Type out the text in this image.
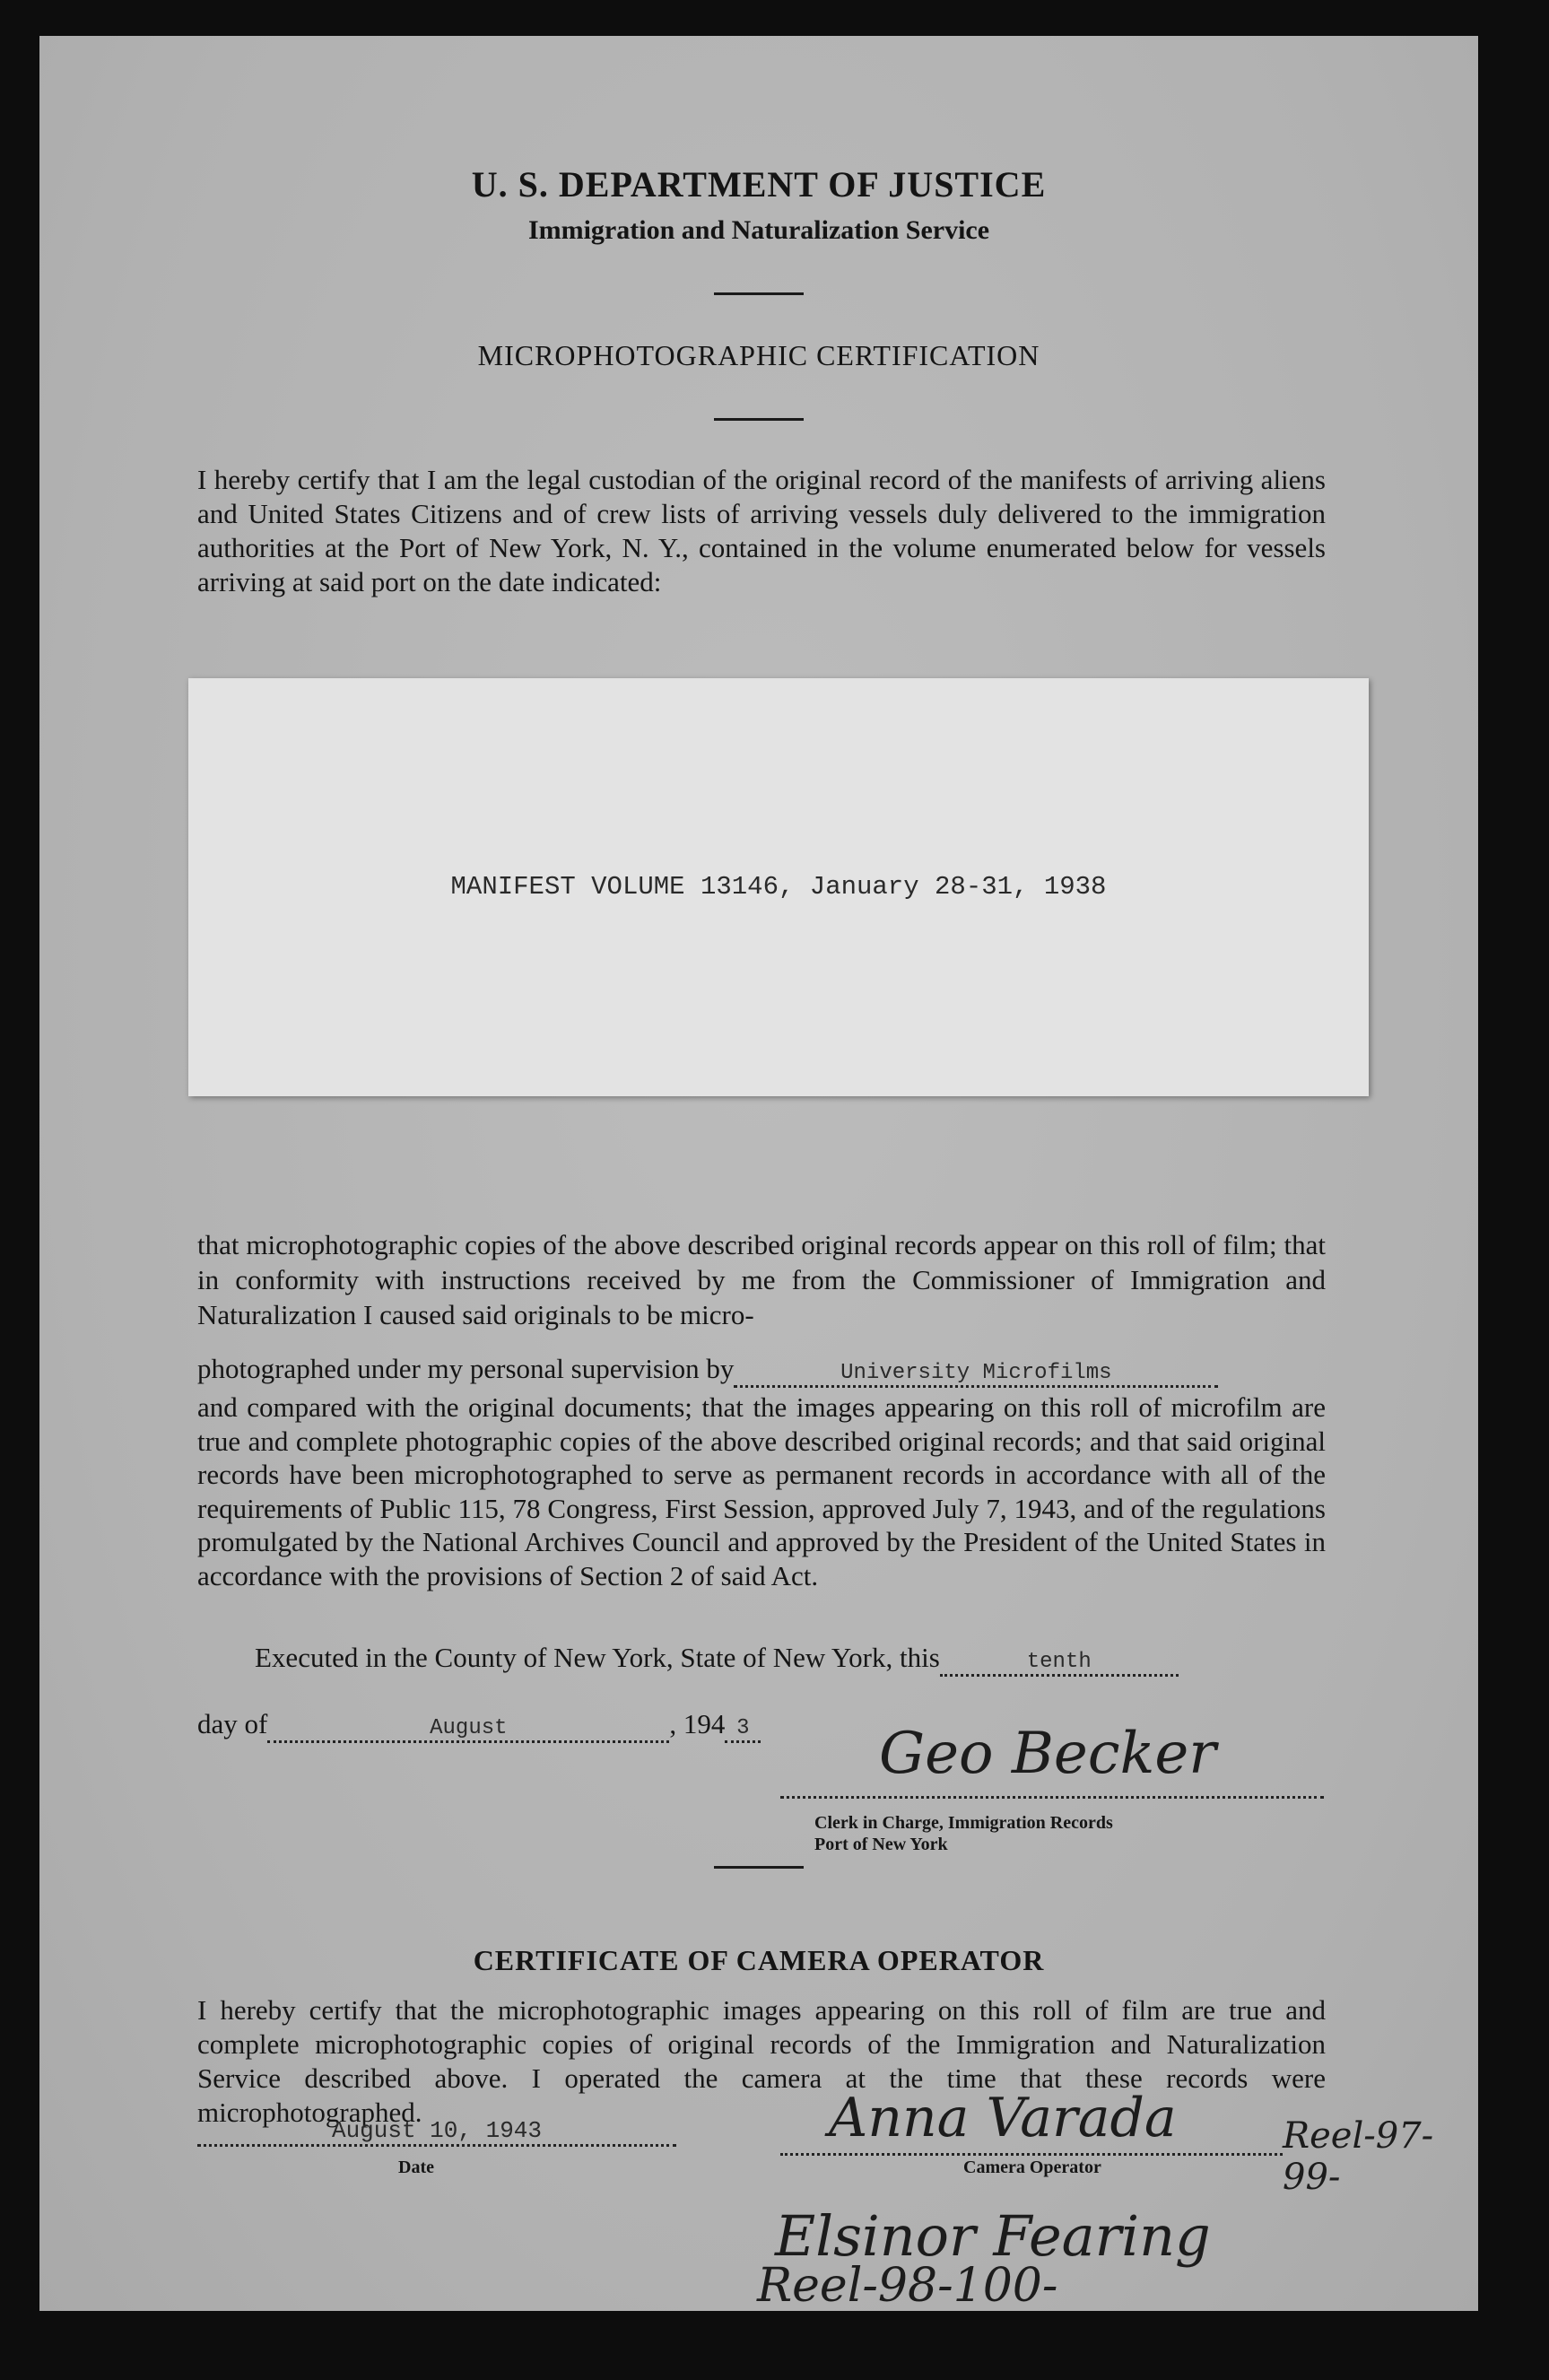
U. S. DEPARTMENT OF JUSTICE
Immigration and Naturalization Service
MICROPHOTOGRAPHIC CERTIFICATION
I hereby certify that I am the legal custodian of the original record of the manifests of arriving aliens and United States Citizens and of crew lists of arriving vessels duly delivered to the immigration authorities at the Port of New York, N. Y., contained in the volume enumerated below for vessels arriving at said port on the date indicated:
MANIFEST VOLUME 13146, January 28-31, 1938
that microphotographic copies of the above described original records appear on this roll of film; that in conformity with instructions received by me from the Commissioner of Immigration and Naturalization I caused said originals to be micro-
photographed under my personal supervision by	University Microfilms
and compared with the original documents; that the images appearing on this roll of microfilm are true and complete photographic copies of the above described original records; and that said original records have been microphotographed to serve as permanent records in accordance with all of the requirements of Public 115, 78 Congress, First Session, approved July 7, 1943, and of the regulations promulgated by the National Archives Council and approved by the President of the United States in accordance with the provisions of Section 2 of said Act.
Executed in the County of New York, State of New York, this	tenth
day of	August	, 194 3 Geo Becker
Clerk in Charge, Immigration Records
Port of New York
CERTIFICATE OF CAMERA OPERATOR
I hereby certify that the microphotographic images appearing on this roll of film are true and complete microphotographic copies of original records of the Immigration and Naturalization Service described above. I operated the camera at the time that these records were microphotographed.
August 10, 1943
Date
Anna Varada	Reel-97-99-
Camera Operator
Elsinor Fearing
Reel-98-100-
